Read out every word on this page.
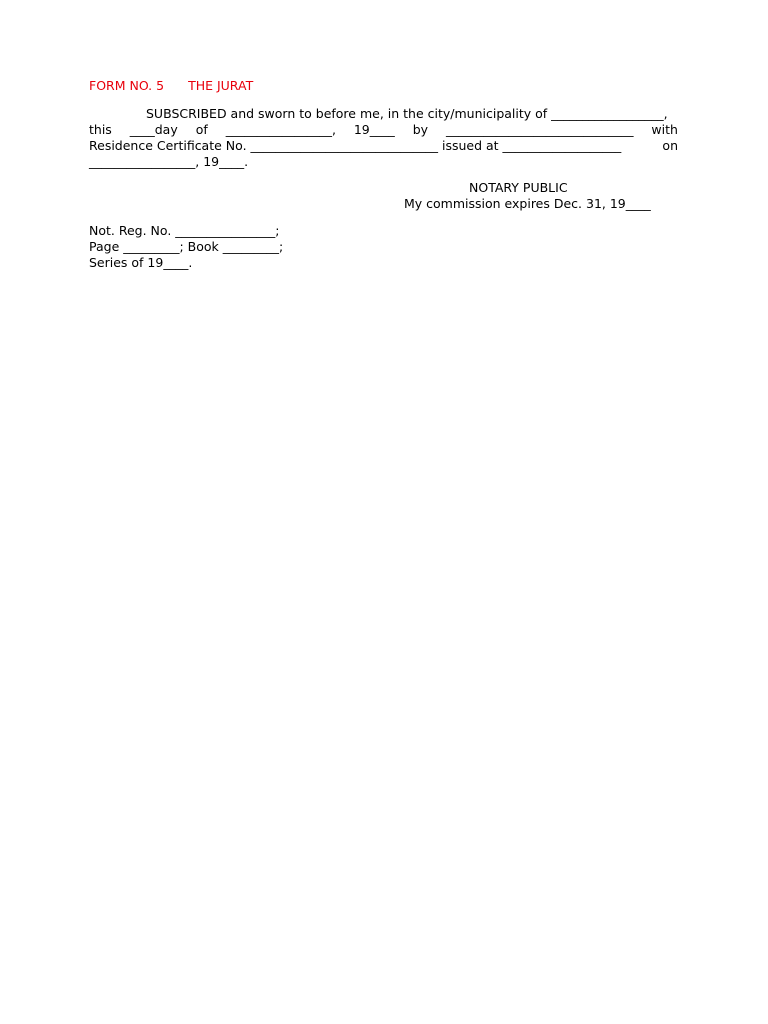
FORM NO. 5 THE JURAT
SUBSCRIBED and sworn to before me, in the city/municipality of __________________,
this ____day of _________________, 19____ by ______________________________ with
Residence Certificate No. ______________________________ issued at ___________________	on
_________________, 19____.
NOTARY PUBLIC
My commission expires Dec. 31, 19____
Not. Reg. No. ________________;
Page _________; Book _________;
Series of 19____.
